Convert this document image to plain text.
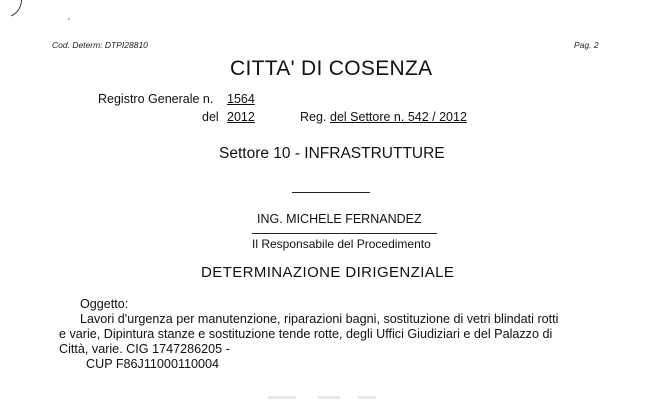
Cod. Determ: DTPI28810	Pag. 2
CITTA' DI COSENZA
Registro Generale n. 1564
del 2012	Reg. del Settore n. 542 / 2012
Settore 10 - INFRASTRUTTURE
ING. MICHELE FERNANDEZ
Il Responsabile del Procedimento
DETERMINAZIONE DIRIGENZIALE
Oggetto:
Lavori d'urgenza per manutenzione, riparazioni bagni, sostituzione di vetri blindati rotti
e varie, Dipintura stanze e sostituzione tende rotte, degli Uffici Giudiziari e del Palazzo di
Città, varie. CIG 1747286205 -
CUP F86J11000110004
